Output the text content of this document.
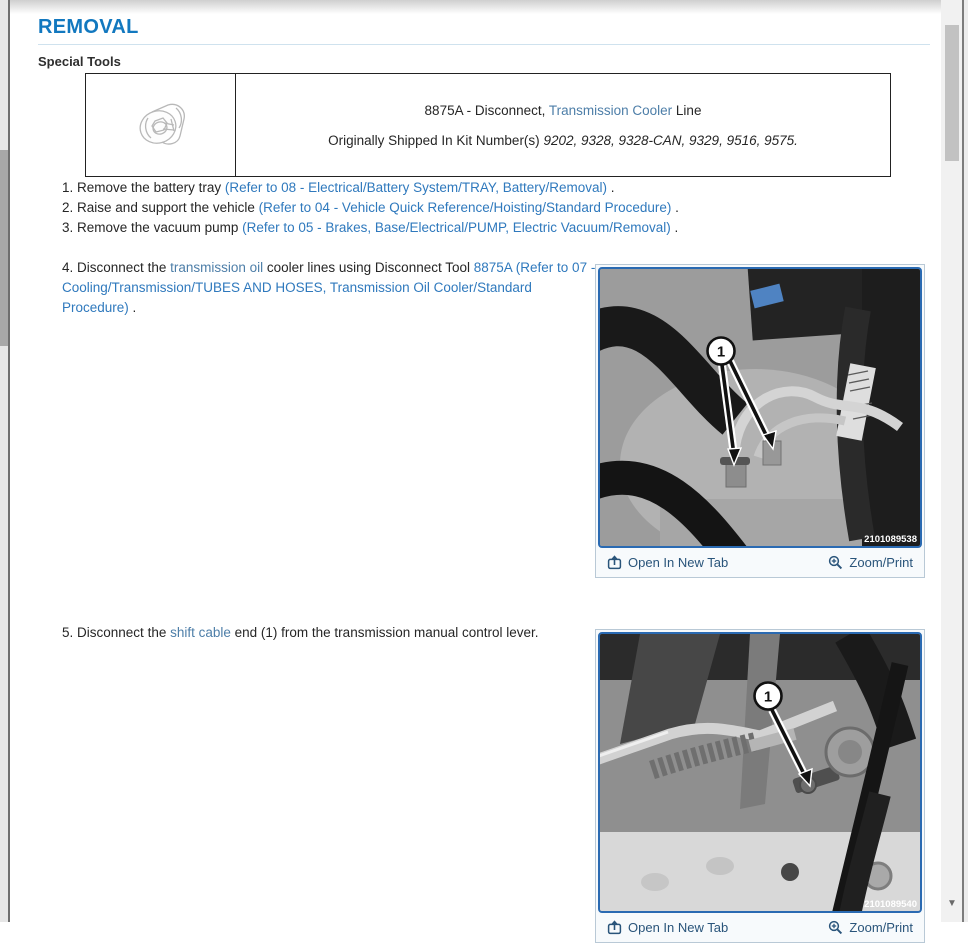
▼
REMOVAL
Special Tools
8875A - Disconnect, Transmission Cooler Line
Originally Shipped In Kit Number(s) 9202, 9328, 9328-CAN, 9329, 9516, 9575.
1. Remove the battery tray (Refer to 08 - Electrical/Battery System/TRAY, Battery/Removal) .
2. Raise and support the vehicle (Refer to 04 - Vehicle Quick Reference/Hoisting/Standard Procedure) .
3. Remove the vacuum pump (Refer to 05 - Brakes, Base/Electrical/PUMP, Electric Vacuum/Removal) .
4. Disconnect the transmission oil cooler lines using Disconnect Tool 8875A (Refer to 07 - Cooling/Transmission/TUBES AND HOSES, Transmission Oil Cooler/Standard Procedure) .
1
2101089538
Open In New Tab	Zoom/Print
5. Disconnect the shift cable end (1) from the transmission manual control lever.
1
2101089540
Open In New Tab	Zoom/Print
